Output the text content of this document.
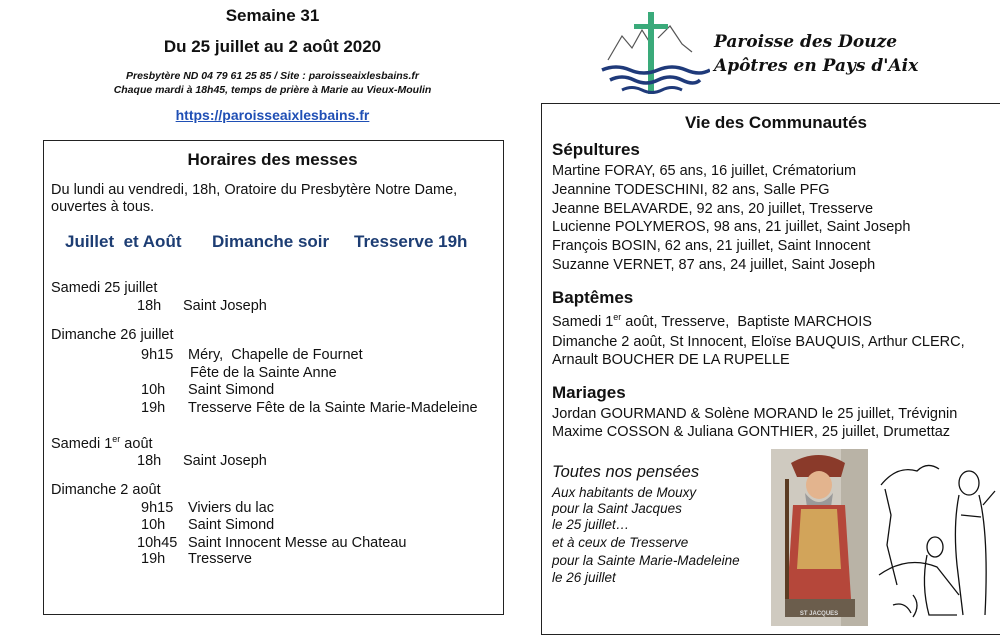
Semaine 31
Du 25 juillet au 2 août 2020
Presbytère ND 04 79 61 25 85 / Site : paroisseaixlesbains.fr
Chaque mardi à 18h45, temps de prière à Marie au Vieux-Moulin
https://paroisseaixlesbains.fr
Paroisse des Douze
Apôtres en Pays d'Aix
Horaires des messes
Du lundi au vendredi, 18h, Oratoire du Presbytère Notre Dame,
ouvertes à tous.
Juillet  et Août Dimanche soir Tresserve 19h
Samedi 25 juillet
18h Saint Joseph
Dimanche 26 juillet
9h15 Méry,  Chapelle de Fournet
Fête de la Sainte Anne
10h Saint Simond
19h Tresserve Fête de la Sainte Marie-Madeleine
Samedi 1er août
18h Saint Joseph
Dimanche 2 août
9h15 Viviers du lac
10h Saint Simond
10h45 Saint Innocent Messe au Chateau
19h Tresserve
Vie des Communautés
Sépultures
Martine FORAY, 65 ans, 16 juillet, Crématorium
Jeannine TODESCHINI, 82 ans, Salle PFG
Jeanne BELAVARDE, 92 ans, 20 juillet, Tresserve
Lucienne POLYMEROS, 98 ans, 21 juillet, Saint Joseph
François BOSIN, 62 ans, 21 juillet, Saint Innocent
Suzanne VERNET, 87 ans, 24 juillet, Saint Joseph
Baptêmes
Samedi 1er août, Tresserve,  Baptiste MARCHOIS
Dimanche 2 août, St Innocent, Eloïse BAUQUIS, Arthur CLERC,
Arnault BOUCHER DE LA RUPELLE
Mariages
Jordan GOURMAND & Solène MORAND le 25 juillet, Trévignin
Maxime COSSON & Juliana GONTHIER, 25 juillet, Drumettaz
Toutes nos pensées
Aux habitants de Mouxy
pour la Saint Jacques
le 25 juillet…
et à ceux de Tresserve
pour la Sainte Marie-Madeleine
le 26 juillet
ST JACQUES
